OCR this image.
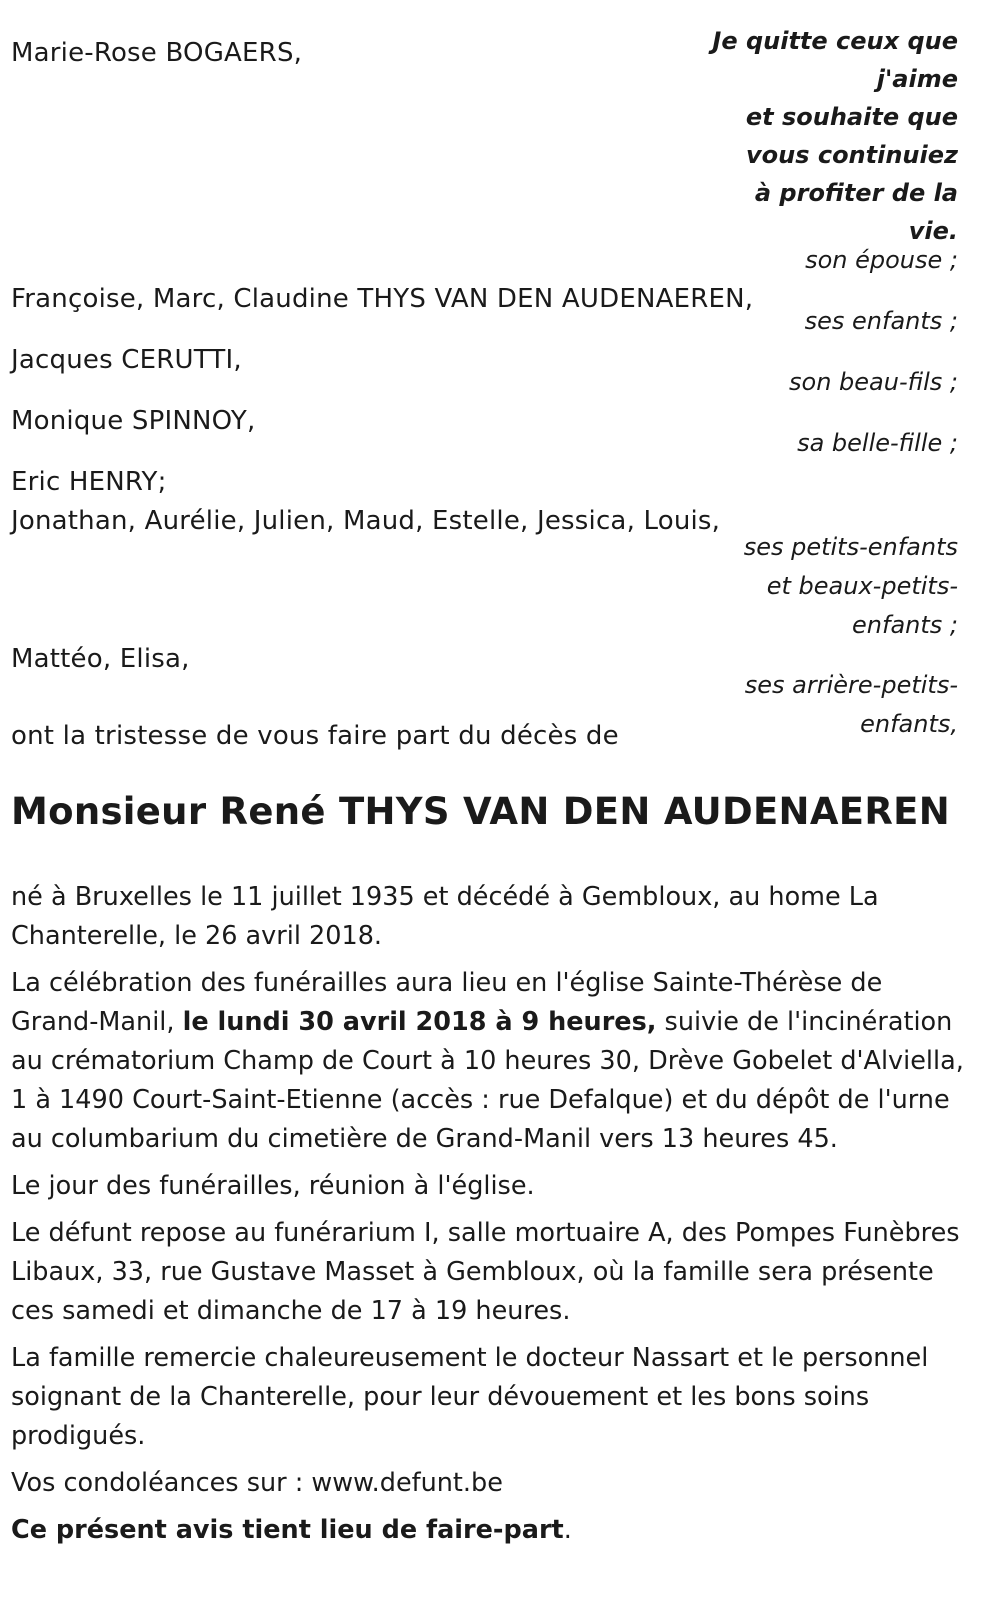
Je quitte ceux que
j'aime
et souhaite que
vous continuiez
à profiter de la
vie.
Marie-Rose BOGAERS,
son épouse ;
Françoise, Marc, Claudine THYS VAN DEN AUDENAEREN,
ses enfants ;
Jacques CERUTTI,
son beau-fils ;
Monique SPINNOY,
sa belle-fille ;
Eric HENRY;
Jonathan, Aurélie, Julien, Maud, Estelle, Jessica, Louis,
ses petits-enfants
et beaux-petits-
enfants ;
Mattéo, Elisa,
ses arrière-petits-
enfants,
ont la tristesse de vous faire part du décès de
Monsieur René THYS VAN DEN AUDENAEREN

né à Bruxelles le 11 juillet 1935 et décédé à Gembloux, au home La Chanterelle, le 26 avril 2018.

La célébration des funérailles aura lieu en l'église Sainte-Thérèse de Grand-Manil, le lundi 30 avril 2018 à 9 heures, suivie de l'incinération au crématorium Champ de Court à 10 heures 30, Drève Gobelet d'Alviella, 1 à 1490 Court-Saint-Etienne (accès : rue Defalque) et du dépôt de l'urne au columbarium du cimetière de Grand-Manil vers 13 heures 45.

Le jour des funérailles, réunion à l'église.

Le défunt repose au funérarium I, salle mortuaire A, des Pompes Funèbres Libaux, 33, rue Gustave Masset à Gembloux, où la famille sera présente ces samedi et dimanche de 17 à 19 heures.

La famille remercie chaleureusement le docteur Nassart et le personnel soignant de la Chanterelle, pour leur dévouement et les bons soins prodigués.

Vos condoléances sur : www.defunt.be

Ce présent avis tient lieu de faire-part.
